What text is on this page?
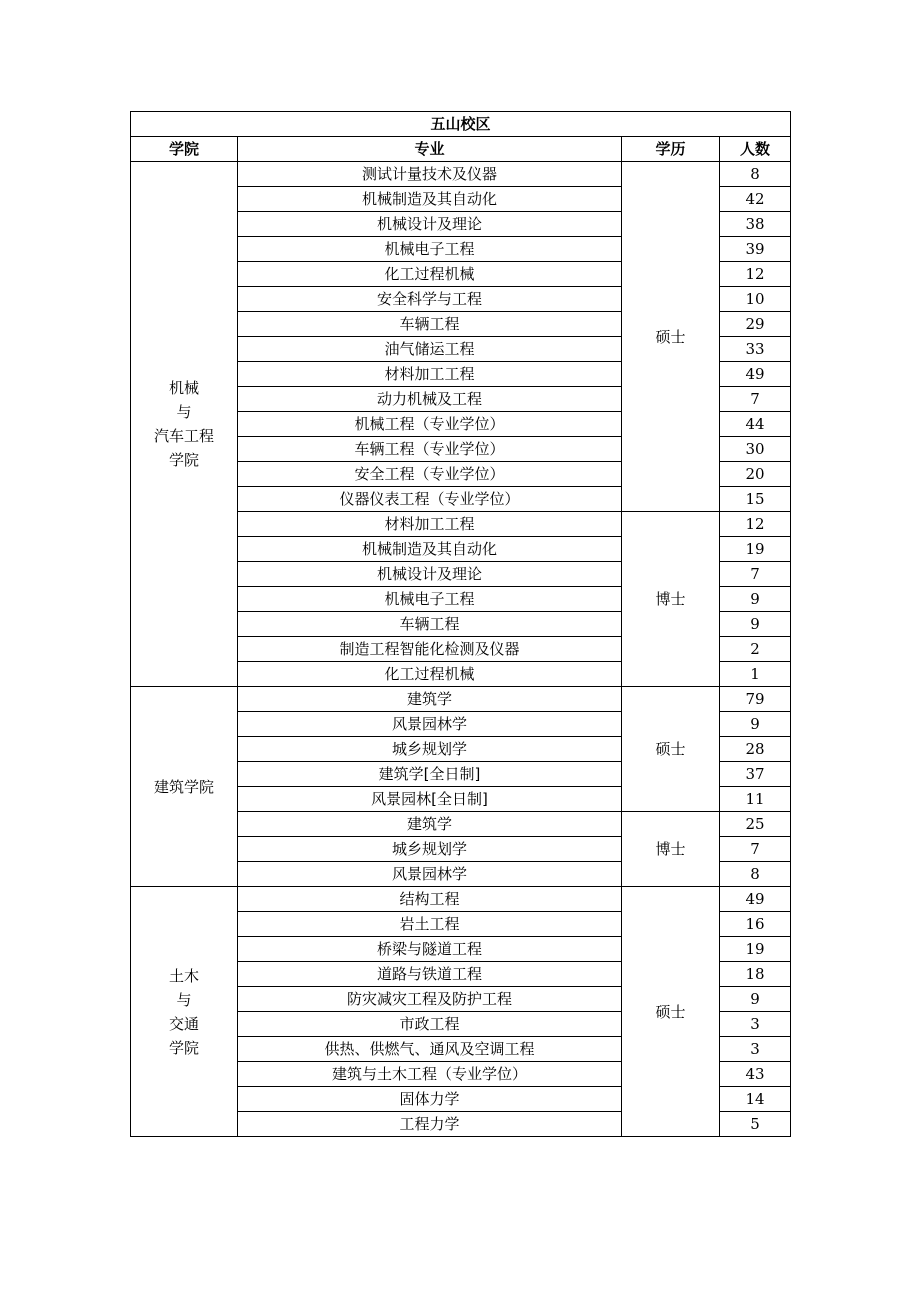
五山校区			
学院	专业	学历	人数

机械
与
汽车工程
学院	测试计量技术及仪器	硕士	8
	机械制造及其自动化		42
	机械设计及理论		38
	机械电子工程		39
	化工过程机械		12
	安全科学与工程		10
	车辆工程		29
	油气储运工程		33
	材料加工工程		49
	动力机械及工程		7
	机械工程（专业学位）		44
	车辆工程（专业学位）		30
	安全工程（专业学位）		20
	仪器仪表工程（专业学位）		15
	材料加工工程	博士	12
	机械制造及其自动化		19
	机械设计及理论		7
	机械电子工程		9
	车辆工程		9
	制造工程智能化检测及仪器		2
	化工过程机械		1

建筑学院	建筑学	硕士	79
	风景园林学		9
	城乡规划学		28
	建筑学[全日制]		37
	风景园林[全日制]		11
	建筑学	博士	25
	城乡规划学		7
	风景园林学		8

土木
与
交通
学院	结构工程	硕士	49
	岩土工程		16
	桥梁与隧道工程		19
	道路与铁道工程		18
	防灾减灾工程及防护工程		9
	市政工程		3
	供热、供燃气、通风及空调工程		3
	建筑与土木工程（专业学位）		43
	固体力学		14
	工程力学		5
